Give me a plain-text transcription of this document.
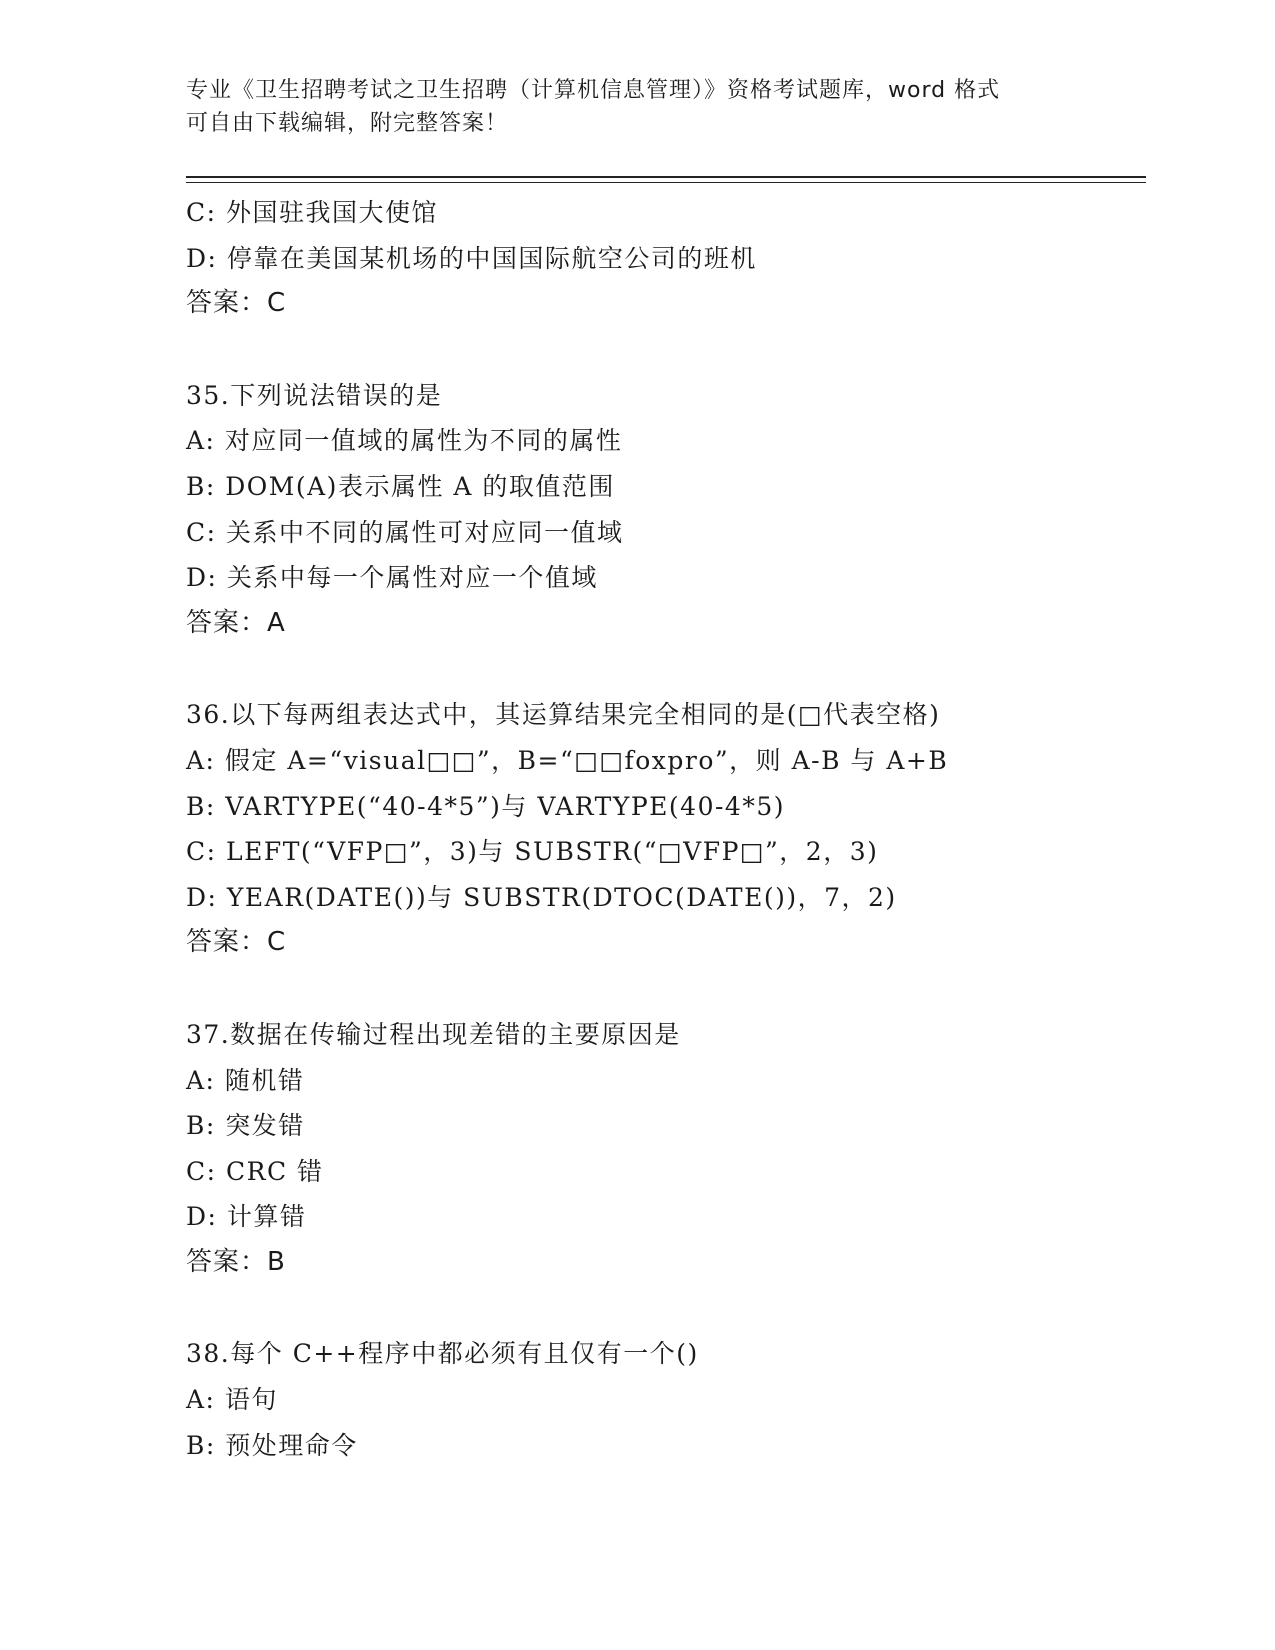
专业《卫生招聘考试之卫生招聘（计算机信息管理）》资格考试题库，word 格式
可自由下载编辑，附完整答案！
C: 外国驻我国大使馆
D: 停靠在美国某机场的中国国际航空公司的班机
答案：C
35.下列说法错误的是
A: 对应同一值域的属性为不同的属性
B: DOM(A)表示属性 A 的取值范围
C: 关系中不同的属性可对应同一值域
D: 关系中每一个属性对应一个值域
答案：A
36.以下每两组表达式中，其运算结果完全相同的是(□代表空格)
A: 假定 A=“visual□□”，B=“□□foxpro”，则 A-B 与 A+B
B: VARTYPE(“40-4*5”)与 VARTYPE(40-4*5)
C: LEFT(“VFP□”，3)与 SUBSTR(“□VFP□”，2，3)
D: YEAR(DATE())与 SUBSTR(DTOC(DATE())，7，2)
答案：C
37.数据在传输过程出现差错的主要原因是
A: 随机错
B: 突发错
C: CRC 错
D: 计算错
答案：B
38.每个 C++程序中都必须有且仅有一个()
A: 语句
B: 预处理命令
